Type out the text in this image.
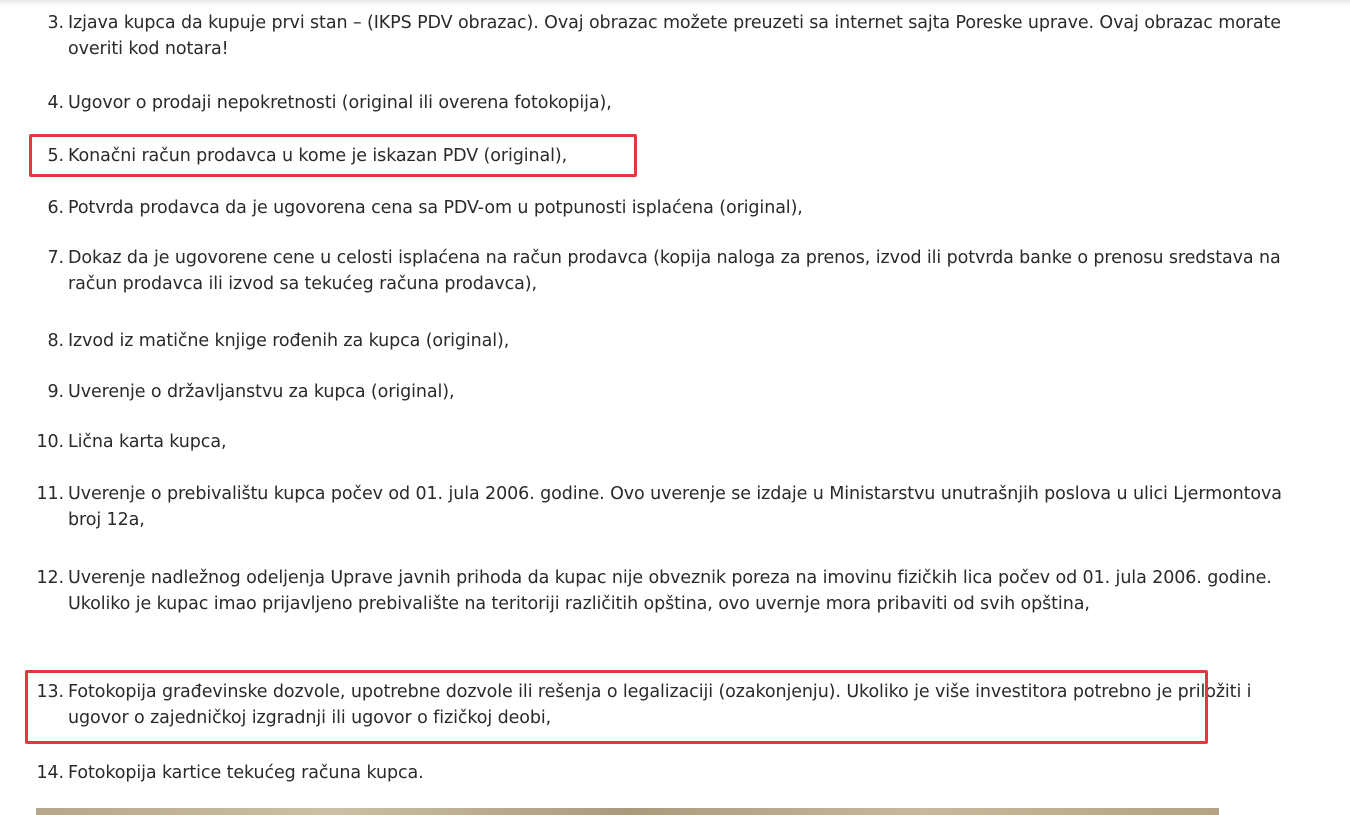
3. Izjava kupca da kupuje prvi stan – (IKPS PDV obrazac). Ovaj obrazac možete preuzeti sa internet sajta Poreske uprave. Ovaj obrazac morate overiti kod notara!
4. Ugovor o prodaji nepokretnosti (original ili overena fotokopija),
5. Konačni račun prodavca u kome je iskazan PDV (original),
6. Potvrda prodavca da je ugovorena cena sa PDV-om u potpunosti isplaćena (original),
7. Dokaz da je ugovorene cene u celosti isplaćena na račun prodavca (kopija naloga za prenos, izvod ili potvrda banke o prenosu sredstava na račun prodavca ili izvod sa tekućeg računa prodavca),
8. Izvod iz matične knjige rođenih za kupca (original),
9. Uverenje o državljanstvu za kupca (original),
10. Lična karta kupca,
11. Uverenje o prebivalištu kupca počev od 01. jula 2006. godine. Ovo uverenje se izdaje u Ministarstvu unutrašnjih poslova u ulici Ljermontova broj 12a,
12. Uverenje nadležnog odeljenja Uprave javnih prihoda da kupac nije obveznik poreza na imovinu fizičkih lica počev od 01. jula 2006. godine. Ukoliko je kupac imao prijavljeno prebivalište na teritoriji različitih opština, ovo uvernje mora pribaviti od svih opština,
13. Fotokopija građevinske dozvole, upotrebne dozvole ili rešenja o legalizaciji (ozakonjenju). Ukoliko je više investitora potrebno je priložiti i ugovor o zajedničkoj izgradnji ili ugovor o fizičkoj deobi,
14. Fotokopija kartice tekućeg računa kupca.
